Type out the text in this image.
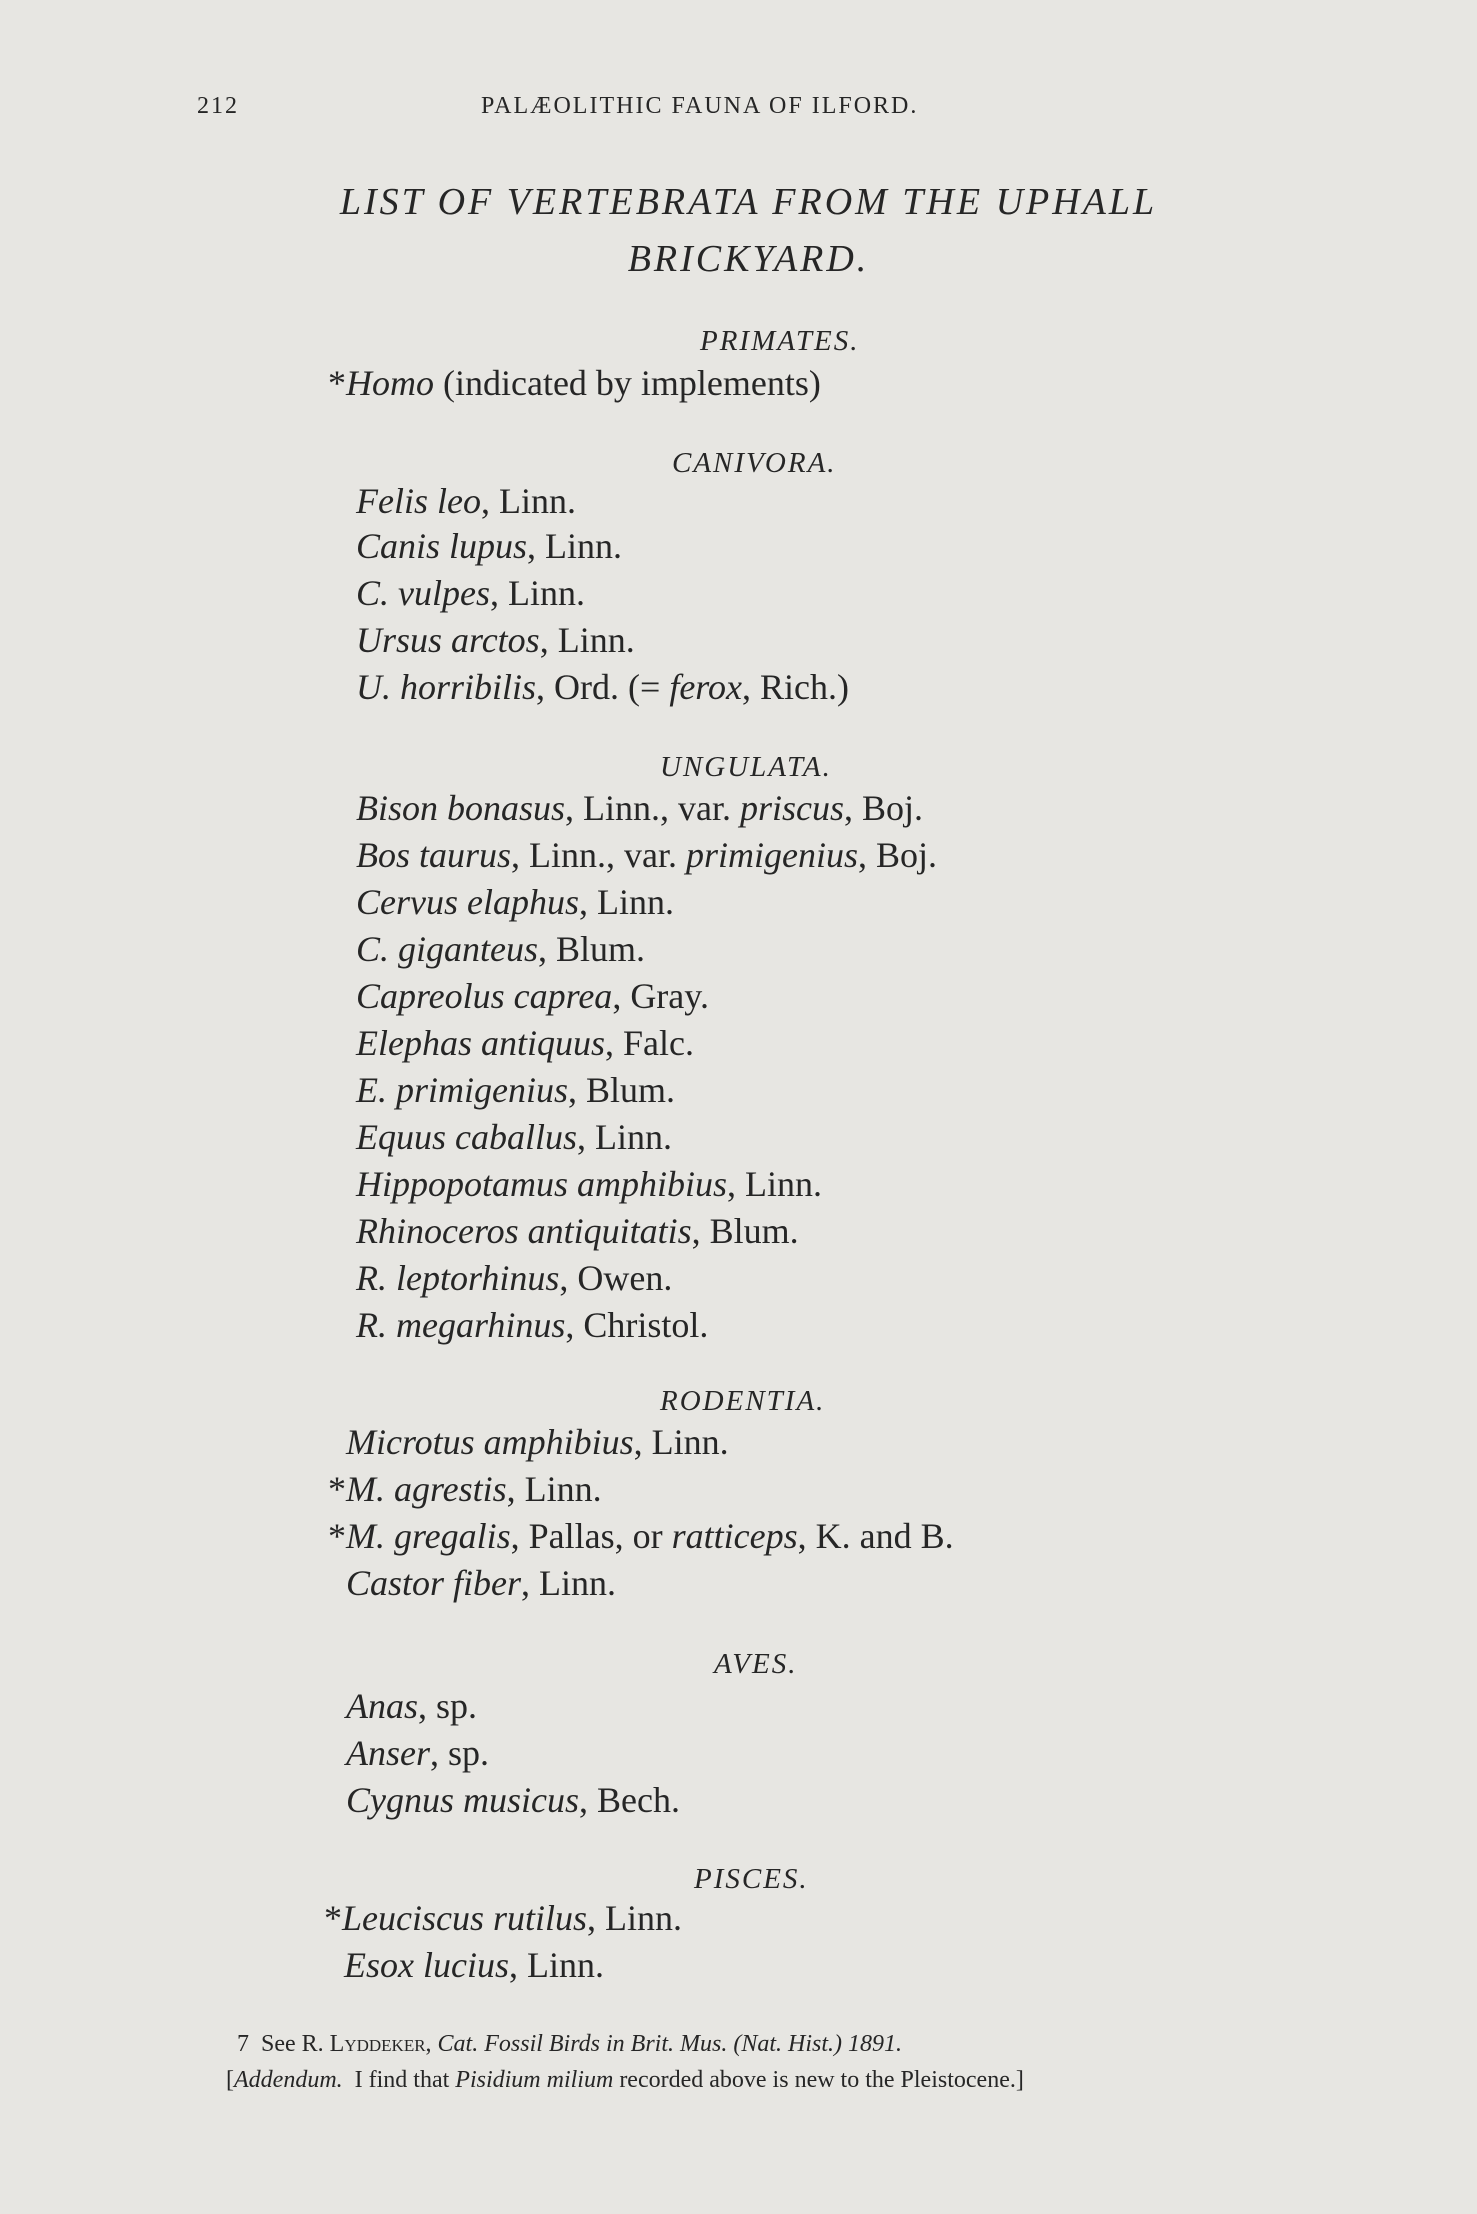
212	PALÆOLITHIC FAUNA OF ILFORD.
LIST OF VERTEBRATA FROM THE UPHALL
BRICKYARD.
PRIMATES.
*Homo (indicated by implements)
CANIVORA.
Felis leo, Linn.
Canis lupus, Linn.
C. vulpes, Linn.
Ursus arctos, Linn.
U. horribilis, Ord. (= ferox, Rich.)
UNGULATA.
Bison bonasus, Linn., var. priscus, Boj.
Bos taurus, Linn., var. primigenius, Boj.
Cervus elaphus, Linn.
C. giganteus, Blum.
Capreolus caprea, Gray.
Elephas antiquus, Falc.
E. primigenius, Blum.
Equus caballus, Linn.
Hippopotamus amphibius, Linn.
Rhinoceros antiquitatis, Blum.
R. leptorhinus, Owen.
R. megarhinus, Christol.
RODENTIA.
Microtus amphibius, Linn.
*M. agrestis, Linn.
*M. gregalis, Pallas, or ratticeps, K. and B.
Castor fiber, Linn.
AVES.
Anas, sp.
Anser, sp.
Cygnus musicus, Bech.
PISCES.
*Leuciscus rutilus, Linn.
Esox lucius, Linn.
7 See R. Lyddeker, Cat. Fossil Birds in Brit. Mus. (Nat. Hist.) 1891.
[Addendum.  I find that Pisidium milium recorded above is new to the Pleistocene.]
